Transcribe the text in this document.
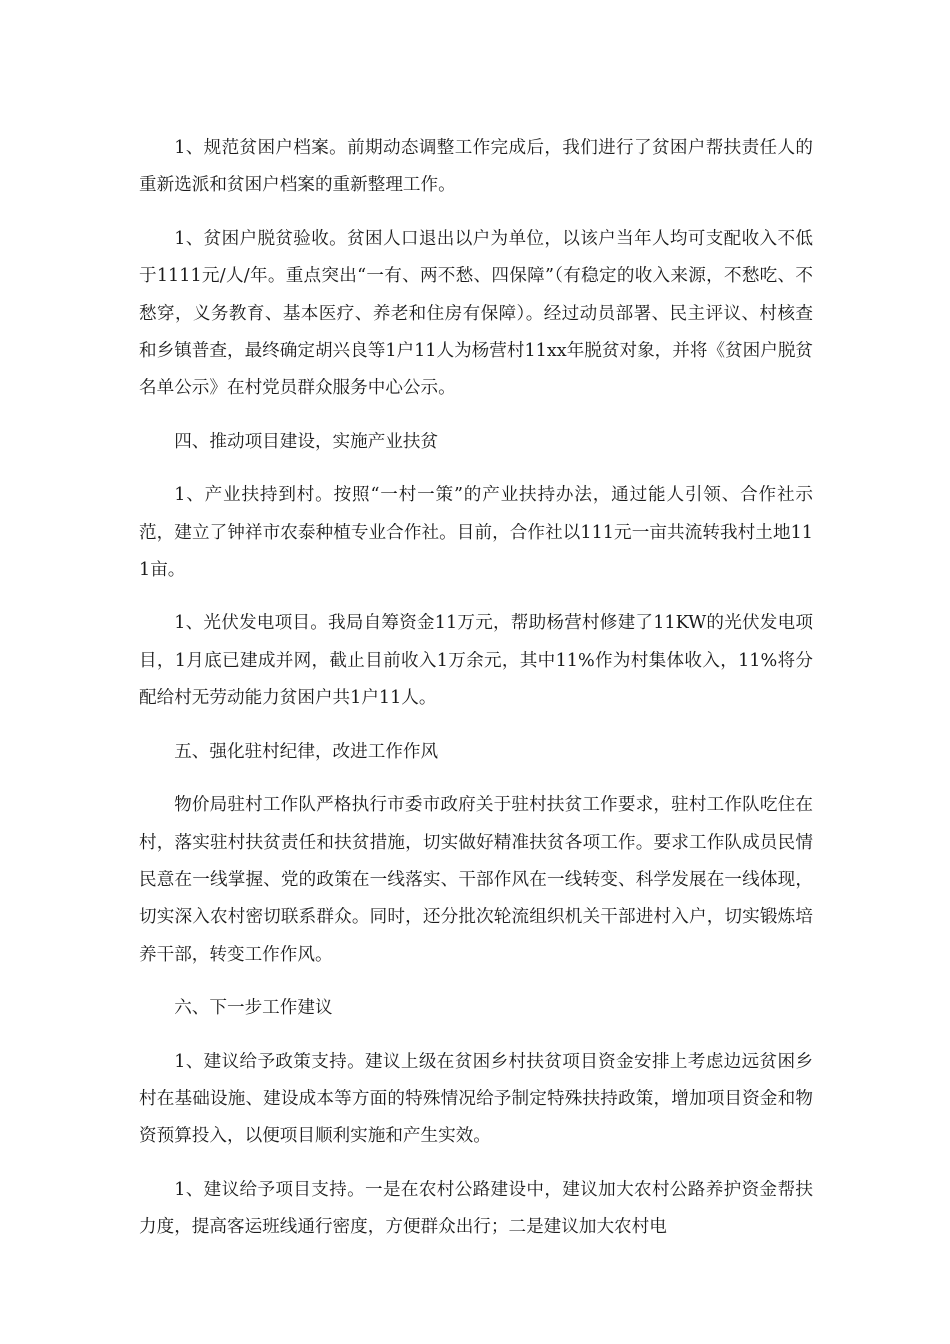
1、规范贫困户档案。前期动态调整工作完成后，我们进行了贫困户帮扶责任人的重新选派和贫困户档案的重新整理工作。

1、贫困户脱贫验收。贫困人口退出以户为单位，以该户当年人均可支配收入不低于1111元/人/年。重点突出“一有、两不愁、四保障”（有稳定的收入来源，不愁吃、不愁穿，义务教育、基本医疗、养老和住房有保障）。经过动员部署、民主评议、村核查和乡镇普查，最终确定胡兴良等1户11人为杨营村11xx年脱贫对象，并将《贫困户脱贫名单公示》在村党员群众服务中心公示。

四、推动项目建设，实施产业扶贫

1、产业扶持到村。按照“一村一策”的产业扶持办法，通过能人引领、合作社示范，建立了钟祥市农泰种植专业合作社。目前，合作社以111元一亩共流转我村土地111亩。

1、光伏发电项目。我局自筹资金11万元，帮助杨营村修建了11KW的光伏发电项目，1月底已建成并网，截止目前收入1万余元，其中11%作为村集体收入，11%将分配给村无劳动能力贫困户共1户11人。

五、强化驻村纪律，改进工作作风

物价局驻村工作队严格执行市委市政府关于驻村扶贫工作要求，驻村工作队吃住在村，落实驻村扶贫责任和扶贫措施，切实做好精准扶贫各项工作。要求工作队成员民情民意在一线掌握、党的政策在一线落实、干部作风在一线转变、科学发展在一线体现，切实深入农村密切联系群众。同时，还分批次轮流组织机关干部进村入户，切实锻炼培养干部，转变工作作风。

六、下一步工作建议

1、建议给予政策支持。建议上级在贫困乡村扶贫项目资金安排上考虑边远贫困乡村在基础设施、建设成本等方面的特殊情况给予制定特殊扶持政策，增加项目资金和物资预算投入，以便项目顺利实施和产生实效。

1、建议给予项目支持。一是在农村公路建设中，建议加大农村公路养护资金帮扶力度，提高客运班线通行密度，方便群众出行；二是建议加大农村电
